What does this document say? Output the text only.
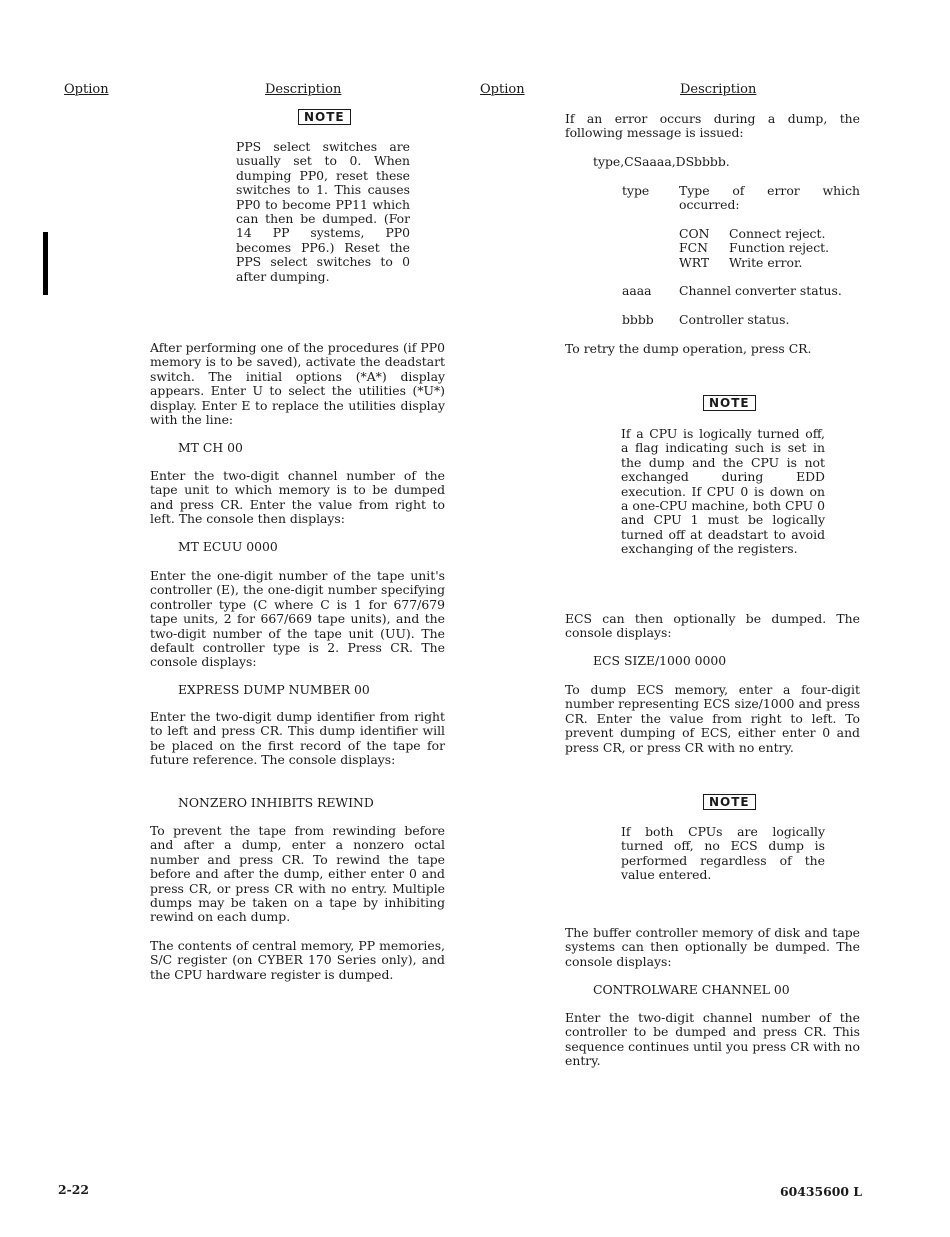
Option	Description	Option	Description
NOTE
PPS select switches are usually set to 0. When dumping PP0, reset these switches to 1. This causes PP0 to become PP11 which can then be dumped. (For 14 PP systems, PP0 becomes PP6.) Reset the PPS select switches to 0 after dumping.
After performing one of the procedures (if PP0 memory is to be saved), activate the deadstart switch. The initial options (*A*) display appears. Enter U to select the utilities (*U*) display. Enter E to replace the utilities display with the line:
MT CH 00
Enter the two-digit channel number of the tape unit to which memory is to be dumped and press CR. Enter the value from right to left. The console then displays:
MT ECUU 0000
Enter the one-digit number of the tape unit's controller (E), the one-digit number specifying controller type (C where C is 1 for 677/679 tape units, 2 for 667/669 tape units), and the two-digit number of the tape unit (UU). The default controller type is 2. Press CR. The console displays:
EXPRESS DUMP NUMBER 00
Enter the two-digit dump identifier from right to left and press CR. This dump identifier will be placed on the first record of the tape for future reference. The console displays:
NONZERO INHIBITS REWIND
To prevent the tape from rewinding before and after a dump, enter a nonzero octal number and press CR. To rewind the tape before and after the dump, either enter 0 and press CR, or press CR with no entry. Multiple dumps may be taken on a tape by inhibiting rewind on each dump.
The contents of central memory, PP memories, S/C register (on CYBER 170 Series only), and the CPU hardware register is dumped.
If an error occurs during a dump, the following message is issued:
type,CSaaaa,DSbbbb.
type Type of error which occurred:
CON Connect reject.
FCN Function reject.
WRT Write error.
aaaa Channel converter status.
bbbb Controller status.
To retry the dump operation, press CR.
NOTE
If a CPU is logically turned off, a flag indicating such is set in the dump and the CPU is not exchanged during EDD execution. If CPU 0 is down on a one-CPU machine, both CPU 0 and CPU 1 must be logically turned off at deadstart to avoid exchanging of the registers.
ECS can then optionally be dumped. The console displays:
ECS SIZE/1000 0000
To dump ECS memory, enter a four-digit number representing ECS size/1000 and press CR. Enter the value from right to left. To prevent dumping of ECS, either enter 0 and press CR, or press CR with no entry.
NOTE
If both CPUs are logically turned off, no ECS dump is performed regardless of the value entered.
The buffer controller memory of disk and tape systems can then optionally be dumped. The console displays:
CONTROLWARE CHANNEL 00
Enter the two-digit channel number of the controller to be dumped and press CR. This sequence continues until you press CR with no entry.
2-22	60435600 L
